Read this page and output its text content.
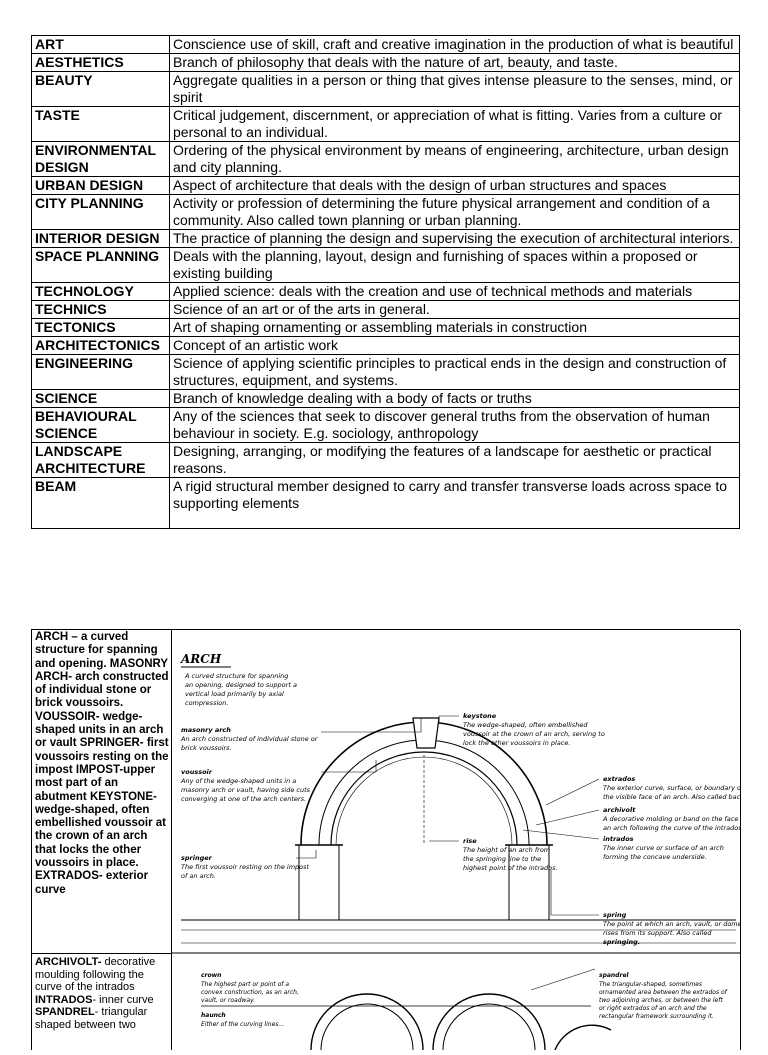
ART	Conscience use of skill, craft and creative imagination in the production of what is beautiful
AESTHETICS	Branch of philosophy that deals with the nature of art, beauty, and taste.
BEAUTY	Aggregate qualities in a person or thing that gives intense pleasure to the senses, mind, or spirit
TASTE	Critical judgement, discernment, or appreciation of what is fitting. Varies from a culture or personal to an individual.
ENVIRONMENTAL DESIGN	Ordering of the physical environment by means of engineering, architecture, urban design and city planning.
URBAN DESIGN	Aspect of architecture that deals with the design of urban structures and spaces
CITY PLANNING	Activity or profession of determining the future physical arrangement and condition of a community. Also called town planning or urban planning.
INTERIOR DESIGN	The practice of planning the design and supervising the execution of architectural interiors.
SPACE PLANNING	Deals with the planning, layout, design and furnishing of spaces within a proposed or existing building
TECHNOLOGY	Applied science: deals with the creation and use of technical methods and materials
TECHNICS	Science of an art or of the arts in general.
TECTONICS	Art of shaping ornamenting or assembling materials in construction
ARCHITECTONICS	Concept of an artistic work
ENGINEERING	Science of applying scientific principles to practical ends in the design and construction of structures, equipment, and systems.
SCIENCE	Branch of knowledge dealing with a body of facts or truths
BEHAVIOURAL SCIENCE	Any of the sciences that seek to discover general truths from the observation of human behaviour in society. E.g. sociology, anthropology
LANDSCAPE ARCHITECTURE	Designing, arranging, or modifying the features of a landscape for aesthetic or practical reasons.
BEAM	A rigid structural member designed to carry and transfer transverse loads across space to supporting elements
ARCH – a curved structure for spanning and opening. MASONRY ARCH- arch constructed of individual stone or brick voussoirs. VOUSSOIR- wedge-shaped units in an arch or vault SPRINGER- first voussoirs resting on the impost IMPOST-upper most part of an abutment KEYSTONE- wedge-shaped, often embellished voussoir at the crown of an arch that locks the other voussoirs in place. EXTRADOS- exterior curve
ARCHIVOLT- decorative moulding following the curve of the intrados INTRADOS- inner curve SPANDREL- triangular shaped between two
ARCH
A curved structure for spanning
an opening, designed to support a
vertical load primarily by axial
compression.
masonry arch
An arch constructed of individual stone or
brick voussoirs.
voussoir
Any of the wedge-shaped units in a
masonry arch or vault, having side cuts
converging at one of the arch centers.
springer
The first voussoir resting on the impost
of an arch.
keystone
The wedge-shaped, often embellished
voussoir at the crown of an arch, serving to
lock the other voussoirs in place.
extrados
The exterior curve, surface, or boundary of
the visible face of an arch. Also called back.
archivolt
A decorative molding or band on the face of
an arch following the curve of the intrados.
intrados
The inner curve or surface of an arch
forming the concave underside.
rise
The height of an arch from
the springing line to the
highest point of the intrados.
spring
The point at which an arch, vault, or dome
rises from its support. Also called
springing.
crown
The highest part or point of a
convex construction, as an arch,
vault, or roadway.
haunch
Either of the curving lines...
spandrel
The triangular-shaped, sometimes
ornamented area between the extrados of
two adjoining arches, or between the left
or right extrados of an arch and the
rectangular framework surrounding it.
